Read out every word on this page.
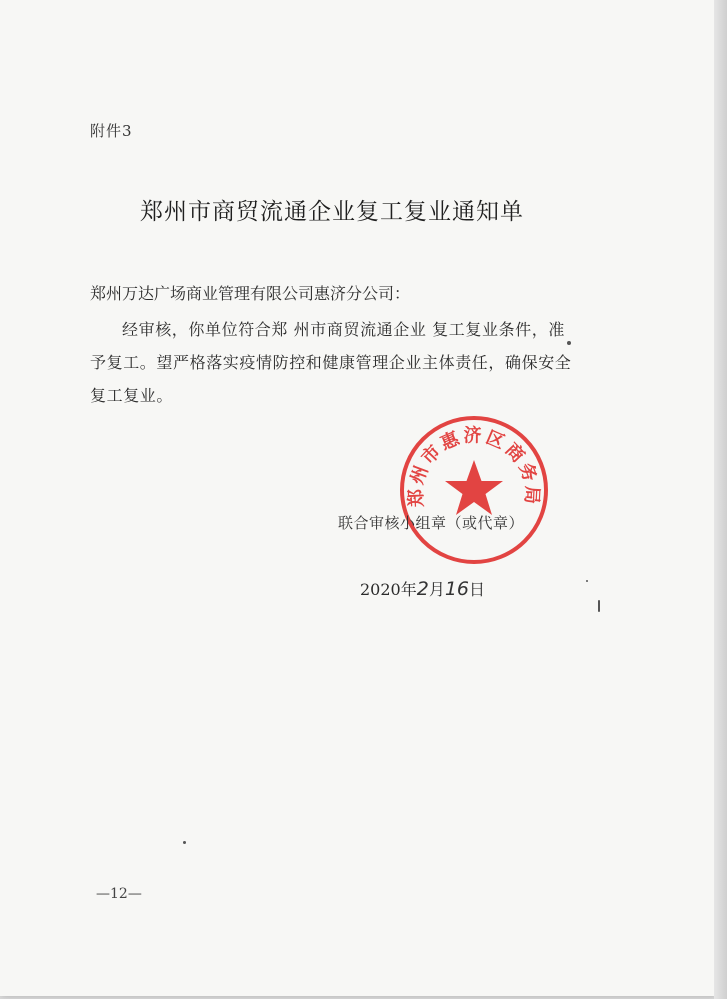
附件3
郑州市商贸流通企业复工复业通知单
郑州万达广场商业管理有限公司惠济分公司：
经审核，你单位符合郑 州市商贸流通企业 复工复业条件，准
予复工。望严格落实疫情防控和健康管理企业主体责任，确保安全
复工复业。
郑州市惠济区商务局
联合审核小组章（或代章）
2020年2月16日
—12—
